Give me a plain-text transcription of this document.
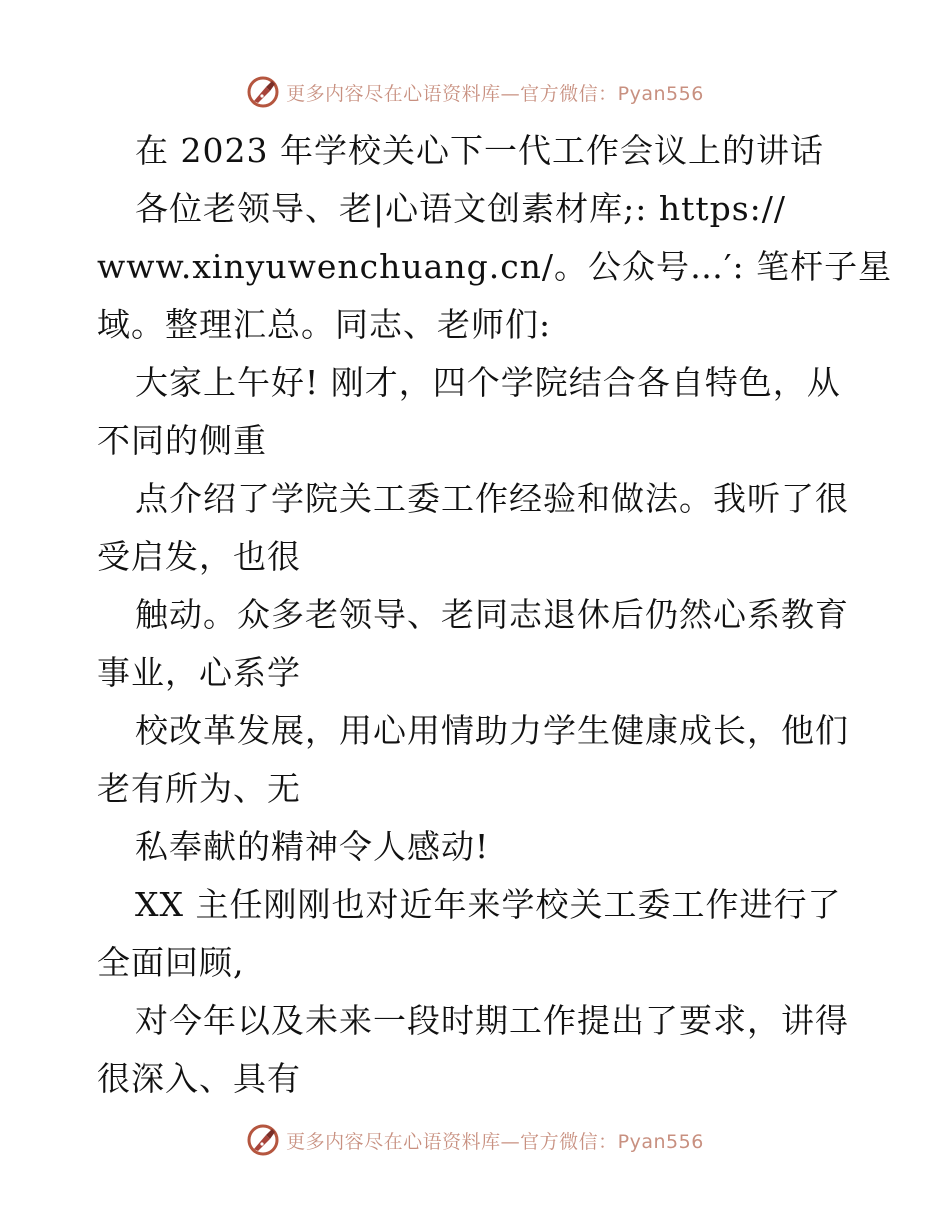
更多内容尽在心语资料库—官方微信：Pyan556
在 2023 年学校关心下一代工作会议上的讲话
各位老领导、老|心语文创素材库;: https://
www.xinyuwenchuang.cn/。公众号…′: 笔杆子星
域。整理汇总。同志、老师们:
大家上午好! 刚才，四个学院结合各自特色，从
不同的侧重
点介绍了学院关工委工作经验和做法。我听了很
受启发，也很
触动。众多老领导、老同志退休后仍然心系教育
事业，心系学
校改革发展，用心用情助力学生健康成长，他们
老有所为、无
私奉献的精神令人感动!
XX 主任刚刚也对近年来学校关工委工作进行了
全面回顾,
对今年以及未来一段时期工作提出了要求，讲得
很深入、具有
更多内容尽在心语资料库—官方微信：Pyan556
